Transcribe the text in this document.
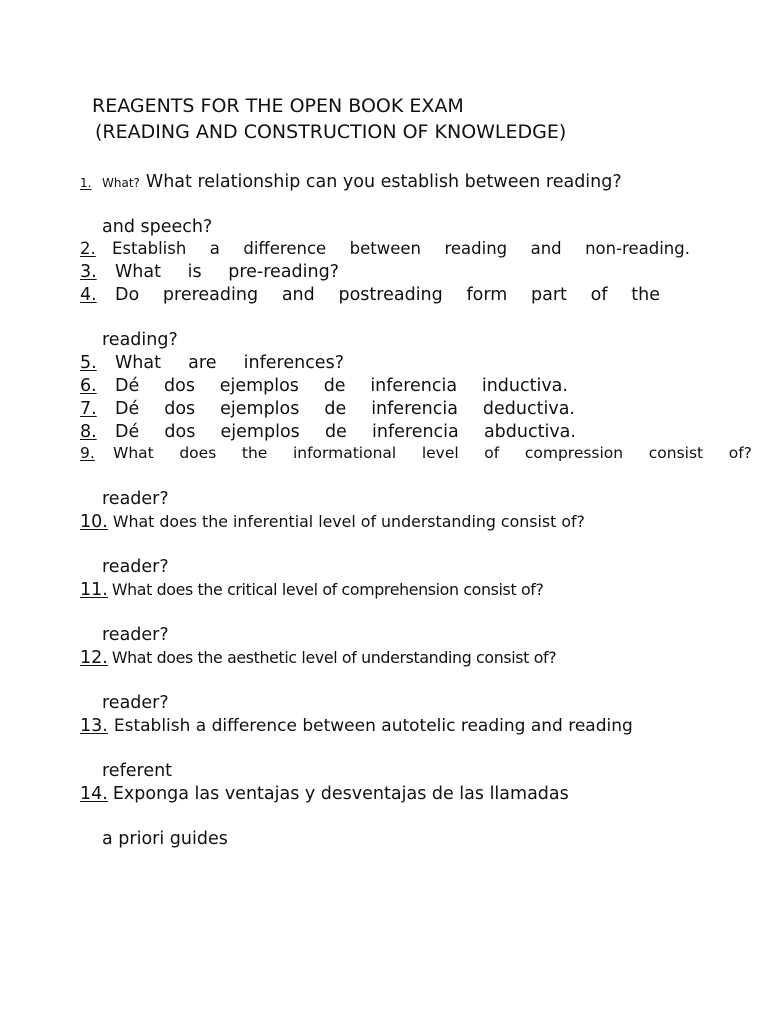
REAGENTS FOR THE OPEN BOOK EXAM
(READING AND CONSTRUCTION OF KNOWLEDGE)
1. What? What relationship can you establish between reading?
and speech?
2. Establish a difference between reading and non-reading.
3. What is pre-reading?
4. Do prereading and postreading form part of the
reading?
5. What are inferences?
6. Dé dos ejemplos de inferencia inductiva.
7. Dé dos ejemplos de inferencia deductiva.
8. Dé dos ejemplos de inferencia abductiva.
9. What does the informational level of compression consist of?
reader?
10. What does the inferential level of understanding consist of?
reader?
11. What does the critical level of comprehension consist of?
reader?
12. What does the aesthetic level of understanding consist of?
reader?
13. Establish a difference between autotelic reading and reading
referent
14. Exponga las ventajas y desventajas de las llamadas
a priori guides
